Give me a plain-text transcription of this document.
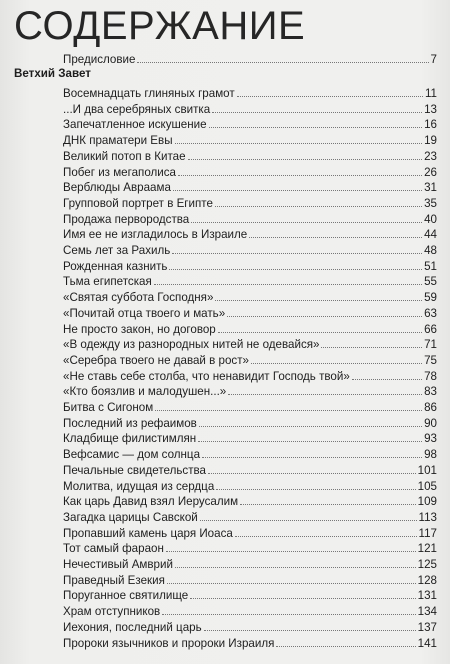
СОДЕРЖАНИЕ
Предисловие	7
Ветхий Завет
Восемнадцать глиняных грамот	11
...И два серебряных свитка	13
Запечатленное искушение	16
ДНК праматери Евы	19
Великий потоп в Китае	23
Побег из мегаполиса	26
Верблюды Авраама	31
Групповой портрет в Египте	35
Продажа первородства	40
Имя ее не изгладилось в Израиле	44
Семь лет за Рахиль	48
Рожденная казнить	51
Тьма египетская	55
«Святая суббота Господня»	59
«Почитай отца твоего и мать»	63
Не просто закон, но договор	66
«В одежду из разнородных нитей не одевайся»	71
«Серебра твоего не давай в рост»	75
«Не ставь себе столба, что ненавидит Господь твой»	78
«Кто боязлив и малодушен...»	83
Битва с Сигоном	86
Последний из рефаимов	90
Кладбище филистимлян	93
Вефсамис — дом солнца	98
Печальные свидетельства	101
Молитва, идущая из сердца	105
Как царь Давид взял Иерусалим	109
Загадка царицы Савской	113
Пропавший камень царя Иоаса	117
Тот самый фараон	121
Нечестивый Амврий	125
Праведный Езекия	128
Поруганное святилище	131
Храм отступников	134
Иехония, последний царь	137
Пророки язычников и пророки Израиля	141
